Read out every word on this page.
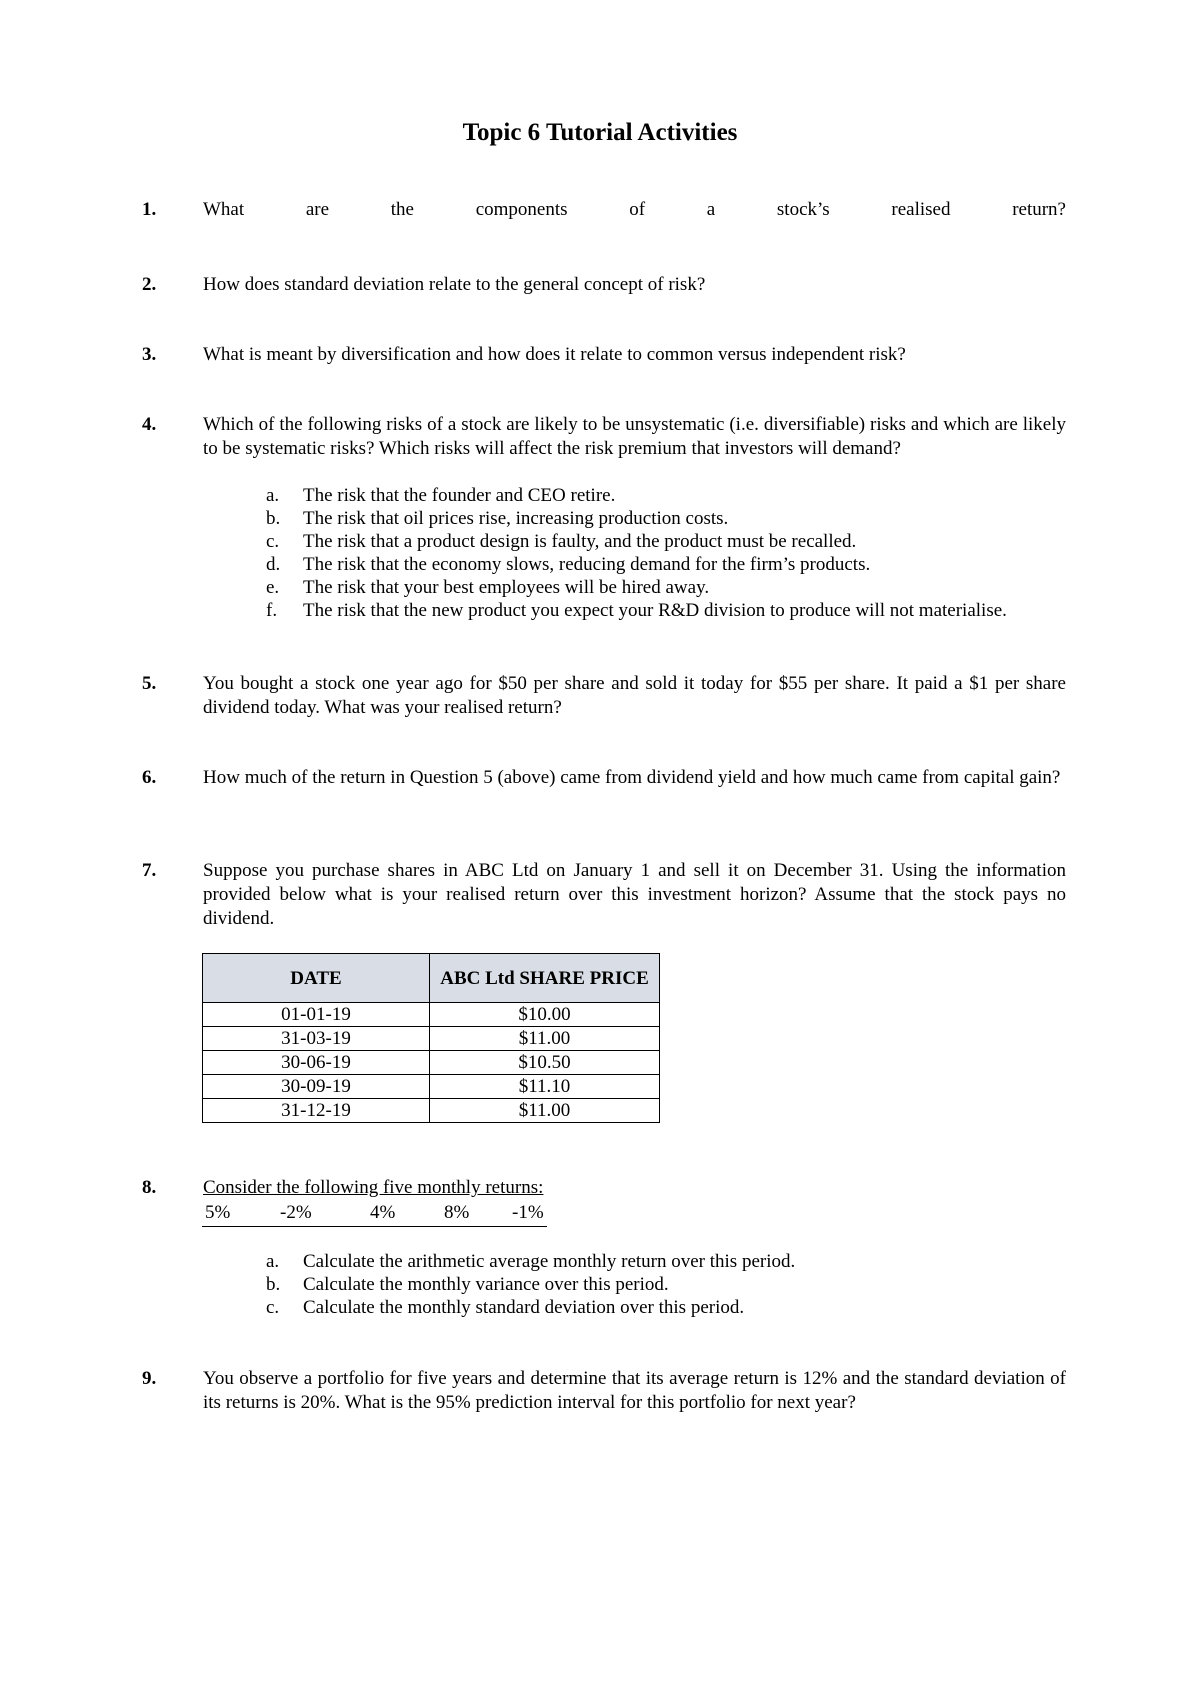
Topic 6 Tutorial Activities
1. What are the components of a stock’s realised return?
2. How does standard deviation relate to the general concept of risk?
3. What is meant by diversification and how does it relate to common versus independent risk?
4. Which of the following risks of a stock are likely to be unsystematic (i.e. diversifiable) risks and which are likely to be systematic risks? Which risks will affect the risk premium that investors will demand?
a. The risk that the founder and CEO retire.
b. The risk that oil prices rise, increasing production costs.
c. The risk that a product design is faulty, and the product must be recalled.
d. The risk that the economy slows, reducing demand for the firm’s products.
e. The risk that your best employees will be hired away.
f. The risk that the new product you expect your R&D division to produce will not materialise.
5. You bought a stock one year ago for $50 per share and sold it today for $55 per share. It paid a $1 per share dividend today. What was your realised return?
6. How much of the return in Question 5 (above) came from dividend yield and how much came from capital gain?
7. Suppose you purchase shares in ABC Ltd on January 1 and sell it on December 31. Using the information provided below what is your realised return over this investment horizon? Assume that the stock pays no dividend.
DATE	ABC Ltd SHARE PRICE
01-01-19	$10.00
31-03-19	$11.00
30-06-19	$10.50
30-09-19	$11.10
31-12-19	$11.00
8. Consider the following five monthly returns:
5%	-2%	4%	8% -1%
a. Calculate the arithmetic average monthly return over this period.
b. Calculate the monthly variance over this period.
c. Calculate the monthly standard deviation over this period.
9. You observe a portfolio for five years and determine that its average return is 12% and the standard deviation of its returns is 20%. What is the 95% prediction interval for this portfolio for next year?
